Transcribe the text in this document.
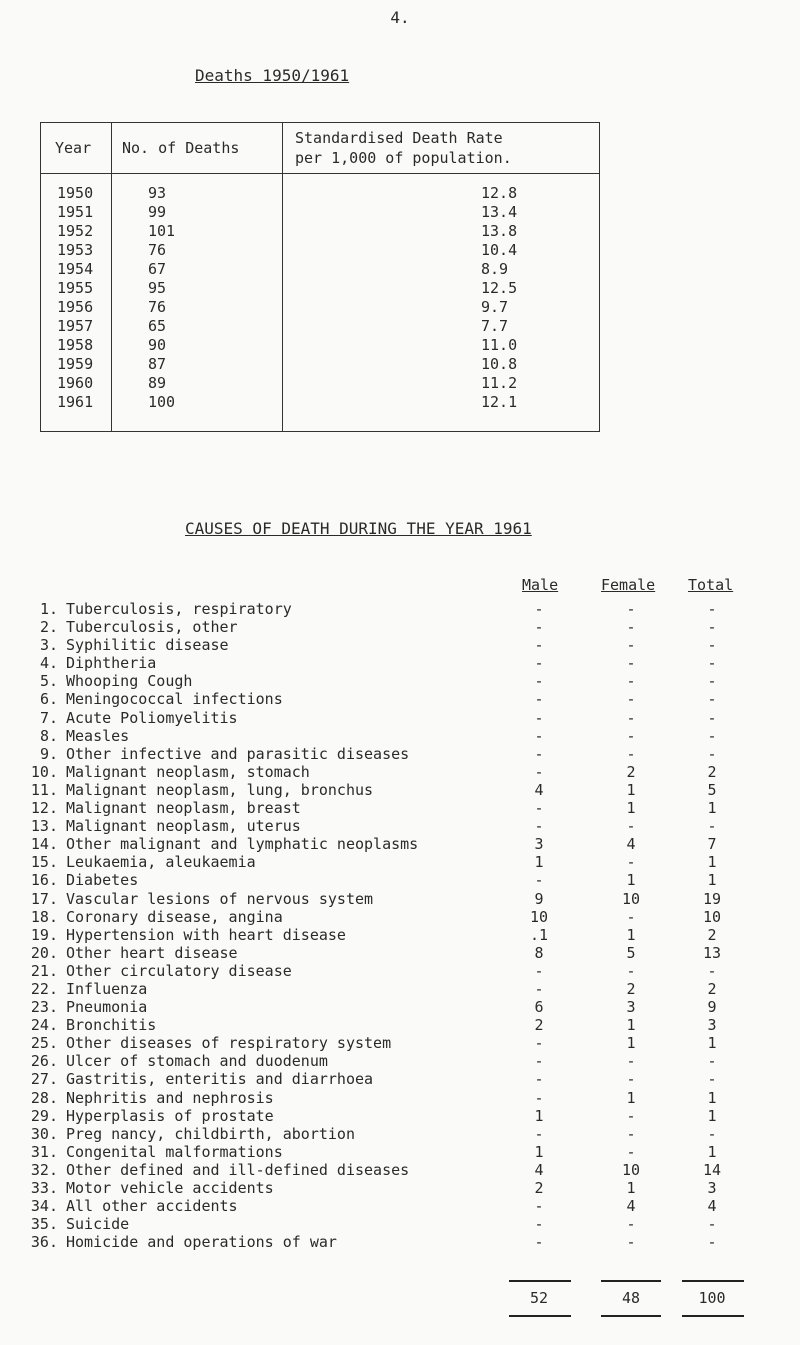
4.
Deaths 1950/1961
Year	No. of Deaths	Standardised Death Rate
per 1,000 of population.

1950	93	12.8
1951	99	13.4
1952	101	13.8
1953	76	10.4
1954	67	8.9
1955	95	12.5
1956	76	9.7
1957	65	7.7
1958	90	11.0
1959	87	10.8
1960	89	11.2
1961	100	12.1
CAUSES OF DEATH DURING THE YEAR 1961
Male	Female Total
1. Tuberculosis, respiratory	-	-	-
2. Tuberculosis, other	-	-	-
3. Syphilitic disease	-	-	-
4. Diphtheria	-	-	-
5. Whooping Cough	-	-	-
6. Meningococcal infections	-	-	-
7. Acute Poliomyelitis	-	-	-
8. Measles	-	-	-
9. Other infective and parasitic diseases	-	-	-
10. Malignant neoplasm, stomach	-	2	2
11. Malignant neoplasm, lung, bronchus	4	1	5
12. Malignant neoplasm, breast	-	1	1
13. Malignant neoplasm, uterus	-	-	-
14. Other malignant and lymphatic neoplasms	3	4	7
15. Leukaemia, aleukaemia	1	-	1
16. Diabetes	-	1	1
17. Vascular lesions of nervous system	9	10	19
18. Coronary disease, angina	10	-	10
19. Hypertension with heart disease	.1	1	2
20. Other heart disease	8	5	13
21. Other circulatory disease	-	-	-
22. Influenza	-	2	2
23. Pneumonia	6	3	9
24. Bronchitis	2	1	3
25. Other diseases of respiratory system	-	1	1
26. Ulcer of stomach and duodenum	-	-	-
27. Gastritis, enteritis and diarrhoea	-	-	-
28. Nephritis and nephrosis	-	1	1
29. Hyperplasis of prostate	1	-	1
30. Preg nancy, childbirth, abortion	-	-	-
31. Congenital malformations	1	-	1
32. Other defined and ill-defined diseases	4	10	14
33. Motor vehicle accidents	2	1	3
34. All other accidents	-	4	4
35. Suicide	-	-	-
36. Homicide and operations of war	-	-	-
52	48	100
